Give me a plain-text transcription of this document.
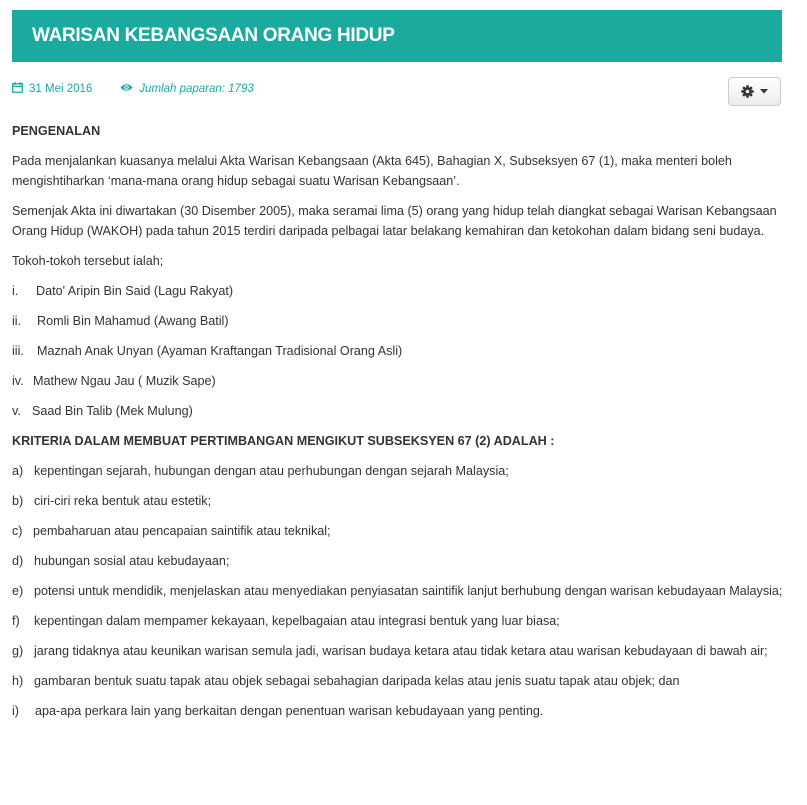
WARISAN KEBANGSAAN ORANG HIDUP
31 Mei 2016	Jumlah paparan: 1793

PENGENALAN

Pada menjalankan kuasanya melalui Akta Warisan Kebangsaan (Akta 645), Bahagian X, Subseksyen 67 (1), maka menteri boleh mengishtiharkan ‘mana-mana orang hidup sebagai suatu Warisan Kebangsaan’.

Semenjak Akta ini diwartakan (30 Disember 2005), maka seramai lima (5) orang yang hidup telah diangkat sebagai Warisan Kebangsaan Orang Hidup (WAKOH) pada tahun 2015 terdiri daripada pelbagai latar belakang kemahiran dan ketokohan dalam bidang seni budaya.

Tokoh-tokoh tersebut ialah;

i. Dato' Aripin Bin Said (Lagu Rakyat)

ii. Romli Bin Mahamud (Awang Batil)

iii. Maznah Anak Unyan (Ayaman Kraftangan Tradisional Orang Asli)

iv. Mathew Ngau Jau ( Muzik Sape)

v. Saad Bin Talib (Mek Mulung)

KRITERIA DALAM MEMBUAT PERTIMBANGAN MENGIKUT SUBSEKSYEN 67 (2) ADALAH :

a) kepentingan sejarah, hubungan dengan atau perhubungan dengan sejarah Malaysia;

b) ciri-ciri reka bentuk atau estetik;

c) pembaharuan atau pencapaian saintifik atau teknikal;

d) hubungan sosial atau kebudayaan;

e) potensi untuk mendidik, menjelaskan atau menyediakan penyiasatan saintifik lanjut berhubung dengan warisan kebudayaan Malaysia;

f) kepentingan dalam mempamer kekayaan, kepelbagaian atau integrasi bentuk yang luar biasa;

g) jarang tidaknya atau keunikan warisan semula jadi, warisan budaya ketara atau tidak ketara atau warisan kebudayaan di bawah air;

h) gambaran bentuk suatu tapak atau objek sebagai sebahagian daripada kelas atau jenis suatu tapak atau objek; dan

i) apa-apa perkara lain yang berkaitan dengan penentuan warisan kebudayaan yang penting.
